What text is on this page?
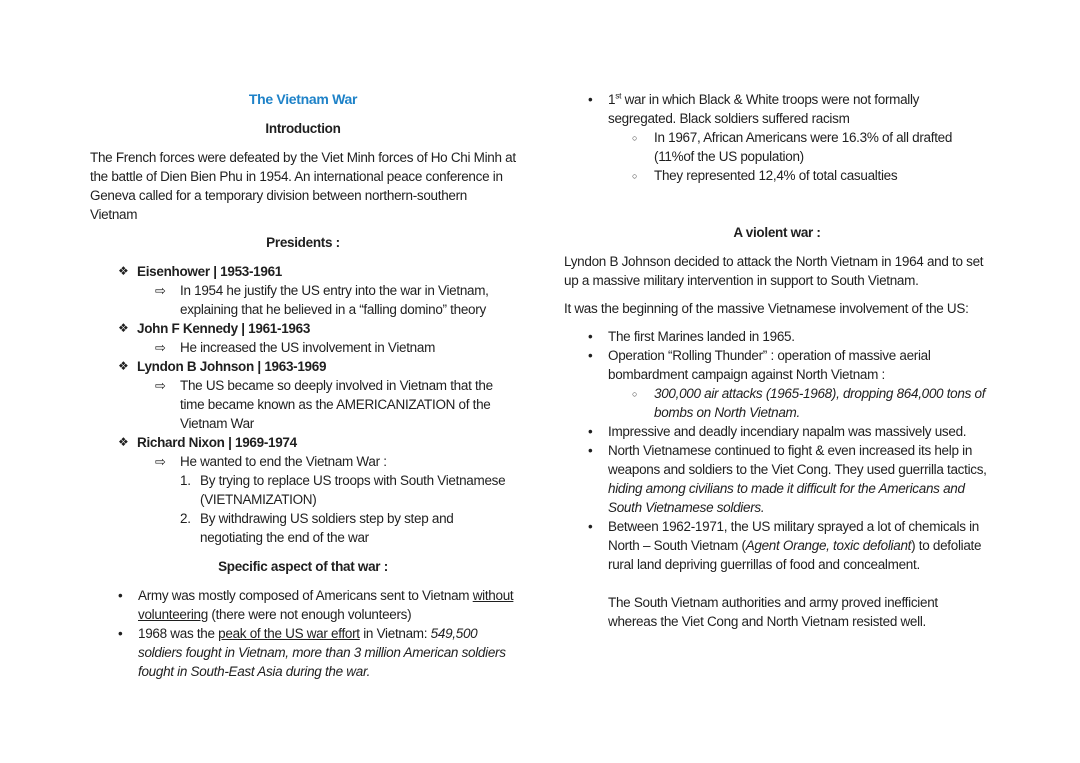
The Vietnam War
Introduction

The French forces were defeated by the Viet Minh forces of Ho Chi Minh at the battle of Dien Bien Phu in 1954. An international peace conference in Geneva called for a temporary division between northern-southern Vietnam

Presidents :
❖ Eisenhower | 1953-1961
⇨	In 1954 he justify the US entry into the war in Vietnam, explaining that he believed in a “falling domino” theory
❖ John F Kennedy | 1961-1963
⇨	He increased the US involvement in Vietnam
❖ Lyndon B Johnson | 1963-1969
⇨	The US became so deeply involved in Vietnam that the time became known as the AMERICANIZATION of the Vietnam War
❖ Richard Nixon | 1969-1974
⇨	He wanted to end the Vietnam War :
1. By trying to replace US troops with South Vietnamese (VIETNAMIZATION)
2. By withdrawing US soldiers step by step and negotiating the end of the war
Specific aspect of that war :
•	Army was mostly composed of Americans sent to Vietnam without volunteering (there were not enough volunteers)
•	1968 was the peak of the US war effort in Vietnam: 549,500 soldiers fought in Vietnam, more than 3 million American soldiers fought in South-East Asia during the war.
•	1st war in which Black & White troops were not formally segregated. Black soldiers suffered racism
○	In 1967, African Americans were 16.3% of all drafted (11%of the US population)
○	They represented 12,4% of total casualties
A violent war :

Lyndon B Johnson decided to attack the North Vietnam in 1964 and to set up a massive military intervention in support to South Vietnam.

It was the beginning of the massive Vietnamese involvement of the US:

•	The first Marines landed in 1965.
•	Operation “Rolling Thunder” : operation of massive aerial bombardment campaign against North Vietnam :
○	300,000 air attacks (1965-1968), dropping 864,000 tons of bombs on North Vietnam.
•	Impressive and deadly incendiary napalm was massively used.
•	North Vietnamese continued to fight & even increased its help in weapons and soldiers to the Viet Cong. They used guerrilla tactics, hiding among civilians to made it difficult for the Americans and South Vietnamese soldiers.
•	Between 1962-1971, the US military sprayed a lot of chemicals in North – South Vietnam (Agent Orange, toxic defoliant) to defoliate rural land depriving guerrillas of food and concealment.

The South Vietnam authorities and army proved inefficient whereas the Viet Cong and North Vietnam resisted well.
